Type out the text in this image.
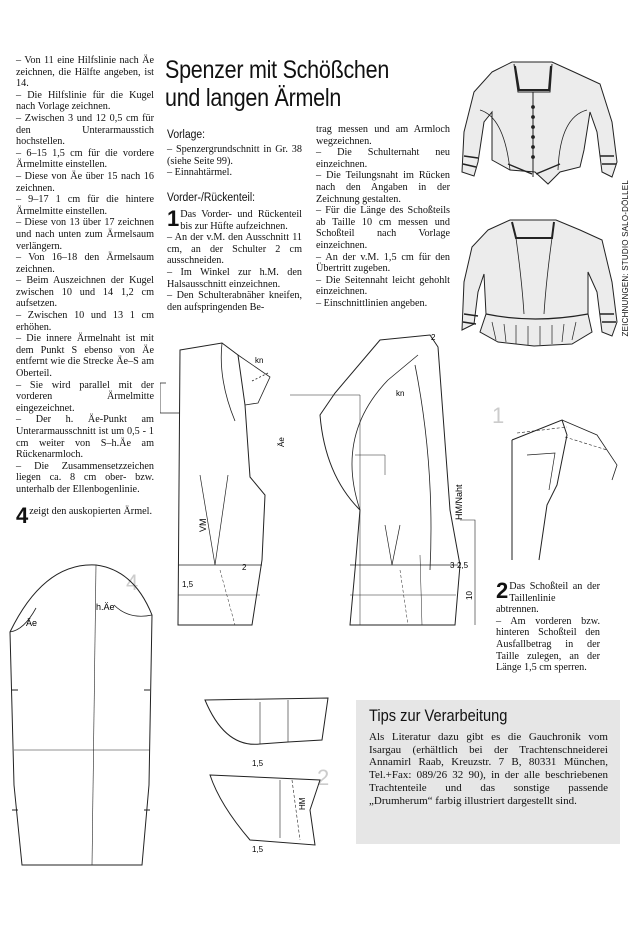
– Von 11 eine Hilfslinie nach Äe zeichnen, die Hälfte angeben, ist 14.

– Die Hilfslinie für die Kugel nach Vorlage zeichnen.

– Zwischen 3 und 12 0,5 cm für den Unterarmausstich hochstellen.

– 6–15 1,5 cm für die vordere Ärmelmitte einstellen.

– Diese von Äe über 15 nach 16 zeichnen.

– 9–17 1 cm für die hintere Ärmelmitte einstellen.

– Diese von 13 über 17 zeichnen und nach unten zum Ärmelsaum verlängern.

– Von 16–18 den Ärmelsaum zeichnen.

– Beim Auszeichnen der Kugel zwischen 10 und 14 1,2 cm aufsetzen.

– Zwischen 10 und 13 1 cm erhöhen.

– Die innere Ärmelnaht ist mit dem Punkt S ebenso von Äe entfernt wie die Strecke Äe–S am Oberteil.

– Sie wird parallel mit der vorderen Ärmelmitte eingezeichnet.

– Der h. Äe-Punkt am Unterarmausschnitt ist um 0,5 - 1 cm weiter von S–h.Äe am Rückenarmloch.

– Die Zusammensetzzeichen liegen ca. 8 cm ober- bzw. unterhalb der Ellenbogenlinie.

4 zeigt den auskopierten Ärmel.

Spenzer mit Schößchen
und langen Ärmeln
Vorlage:

– Spenzergrundschnitt in Gr. 38 (siehe Seite 99).

– Einnahtärmel.

Vorder-/Rückenteil:

1 Das Vorder- und Rückenteil bis zur Hüfte aufzeichnen.

– An der v.M. den Ausschnitt 11 cm, an der Schulter 2 cm ausschneiden.

– Im Winkel zur h.M. den Halsausschnitt einzeichnen.

– Den Schulterabnäher kneifen, den aufspringenden Be-

trag messen und am Armloch wegzeichnen.

– Die Schulternaht neu einzeichnen.

– Die Teilungsnaht im Rücken nach den Angaben in der Zeichnung gestalten.

– Für die Länge des Schoßteils ab Taille 10 cm messen und Schoßteil nach Vorlage einzeichnen.

– An der v.M. 1,5 cm für den Übertritt zugeben.

– Die Seitennaht leicht gehohlt einzeichnen.

– Einschnittlinien angeben.

2 Das Schoßteil an der Taillenlinie abtrennen.

– Am vorderen bzw. hinteren Schoßteil den Ausfallbetrag in der Taille zulegen, an der Länge 1,5 cm sperren.

Tips zur Verarbeitung
Als Literatur dazu gibt es die Gauchronik vom Isargau (erhältlich bei der Trachtenschneiderei Annamirl Raab, Kreuzstr. 7 B, 80331 München, Tel.+Fax: 089/26 32 90), in der alle beschriebenen Trachtenteile und das sonstige passende „Drumherum“ farbig illustriert dargestellt sind.
ZEICHNUNGEN: STUDIO SALO-DÖLLEL
kn
kn
Äe
VM
2
2
1,5
HM/Naht
3 2,5
10
1
4
Äe
h.Äe
2
1,5
HM
1,5
